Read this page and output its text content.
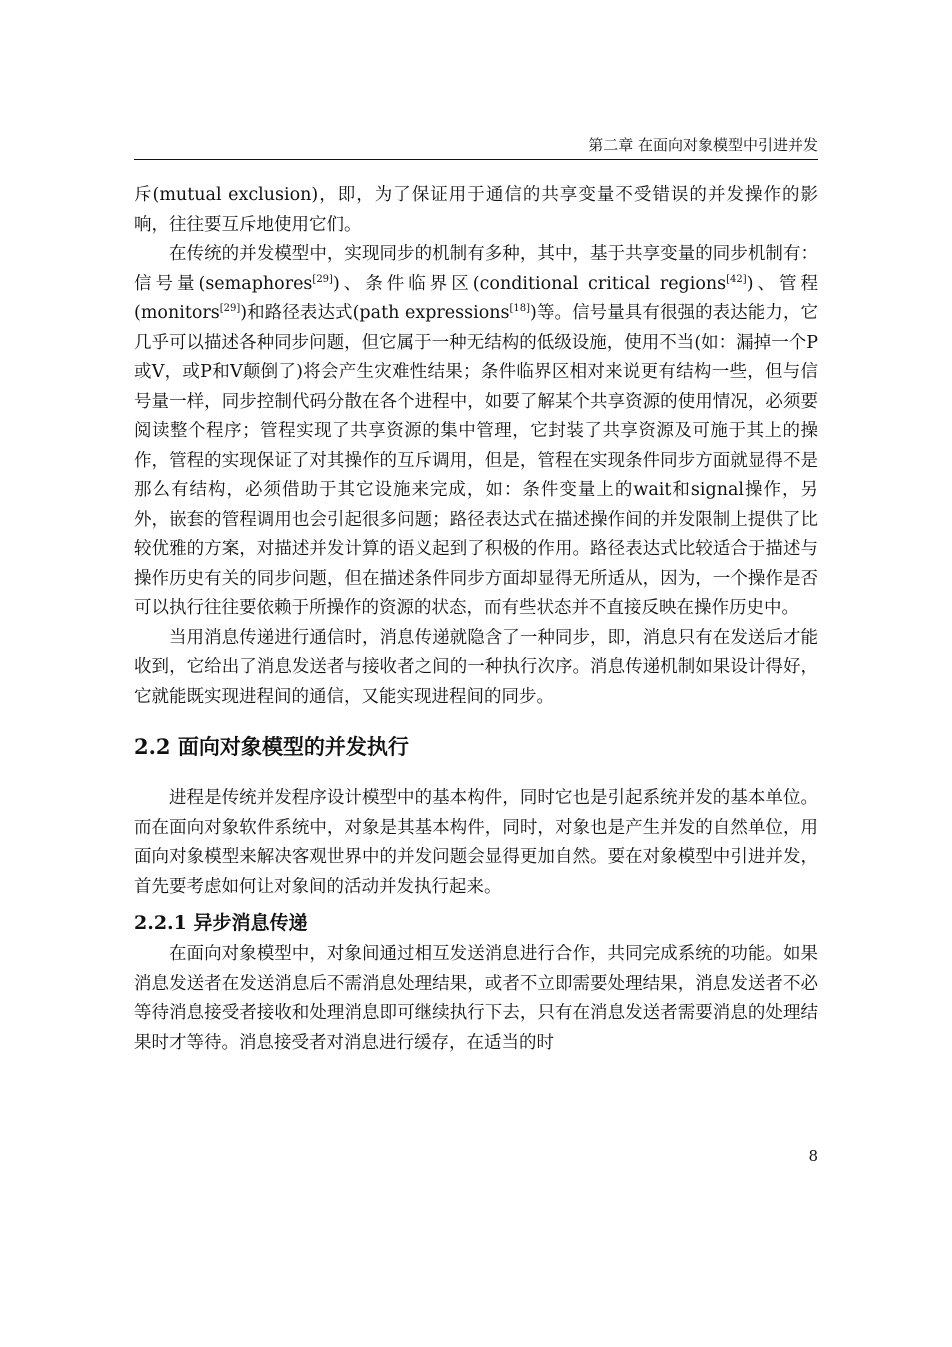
第二章 在面向对象模型中引进并发

斥(mutual exclusion)，即，为了保证用于通信的共享变量不受错误的并发操作的影响，往往要互斥地使用它们。

在传统的并发模型中，实现同步的机制有多种，其中，基于共享变量的同步机制有：信号量(semaphores[29])、条件临界区(conditional critical regions[42])、管程(monitors[29])和路径表达式(path expressions[18])等。信号量具有很强的表达能力，它几乎可以描述各种同步问题，但它属于一种无结构的低级设施，使用不当(如：漏掉一个P或V，或P和V颠倒了)将会产生灾难性结果；条件临界区相对来说更有结构一些，但与信号量一样，同步控制代码分散在各个进程中，如要了解某个共享资源的使用情况，必须要阅读整个程序；管程实现了共享资源的集中管理，它封装了共享资源及可施于其上的操作，管程的实现保证了对其操作的互斥调用，但是，管程在实现条件同步方面就显得不是那么有结构，必须借助于其它设施来完成，如：条件变量上的wait和signal操作，另外，嵌套的管程调用也会引起很多问题；路径表达式在描述操作间的并发限制上提供了比较优雅的方案，对描述并发计算的语义起到了积极的作用。路径表达式比较适合于描述与操作历史有关的同步问题，但在描述条件同步方面却显得无所适从，因为，一个操作是否可以执行往往要依赖于所操作的资源的状态，而有些状态并不直接反映在操作历史中。

当用消息传递进行通信时，消息传递就隐含了一种同步，即，消息只有在发送后才能收到，它给出了消息发送者与接收者之间的一种执行次序。消息传递机制如果设计得好，它就能既实现进程间的通信，又能实现进程间的同步。

2.2 面向对象模型的并发执行

进程是传统并发程序设计模型中的基本构件，同时它也是引起系统并发的基本单位。而在面向对象软件系统中，对象是其基本构件，同时，对象也是产生并发的自然单位，用面向对象模型来解决客观世界中的并发问题会显得更加自然。要在对象模型中引进并发，首先要考虑如何让对象间的活动并发执行起来。

2.2.1 异步消息传递

在面向对象模型中，对象间通过相互发送消息进行合作，共同完成系统的功能。如果消息发送者在发送消息后不需消息处理结果，或者不立即需要处理结果，消息发送者不必等待消息接受者接收和处理消息即可继续执行下去，只有在消息发送者需要消息的处理结果时才等待。消息接受者对消息进行缓存，在适当的时

8
